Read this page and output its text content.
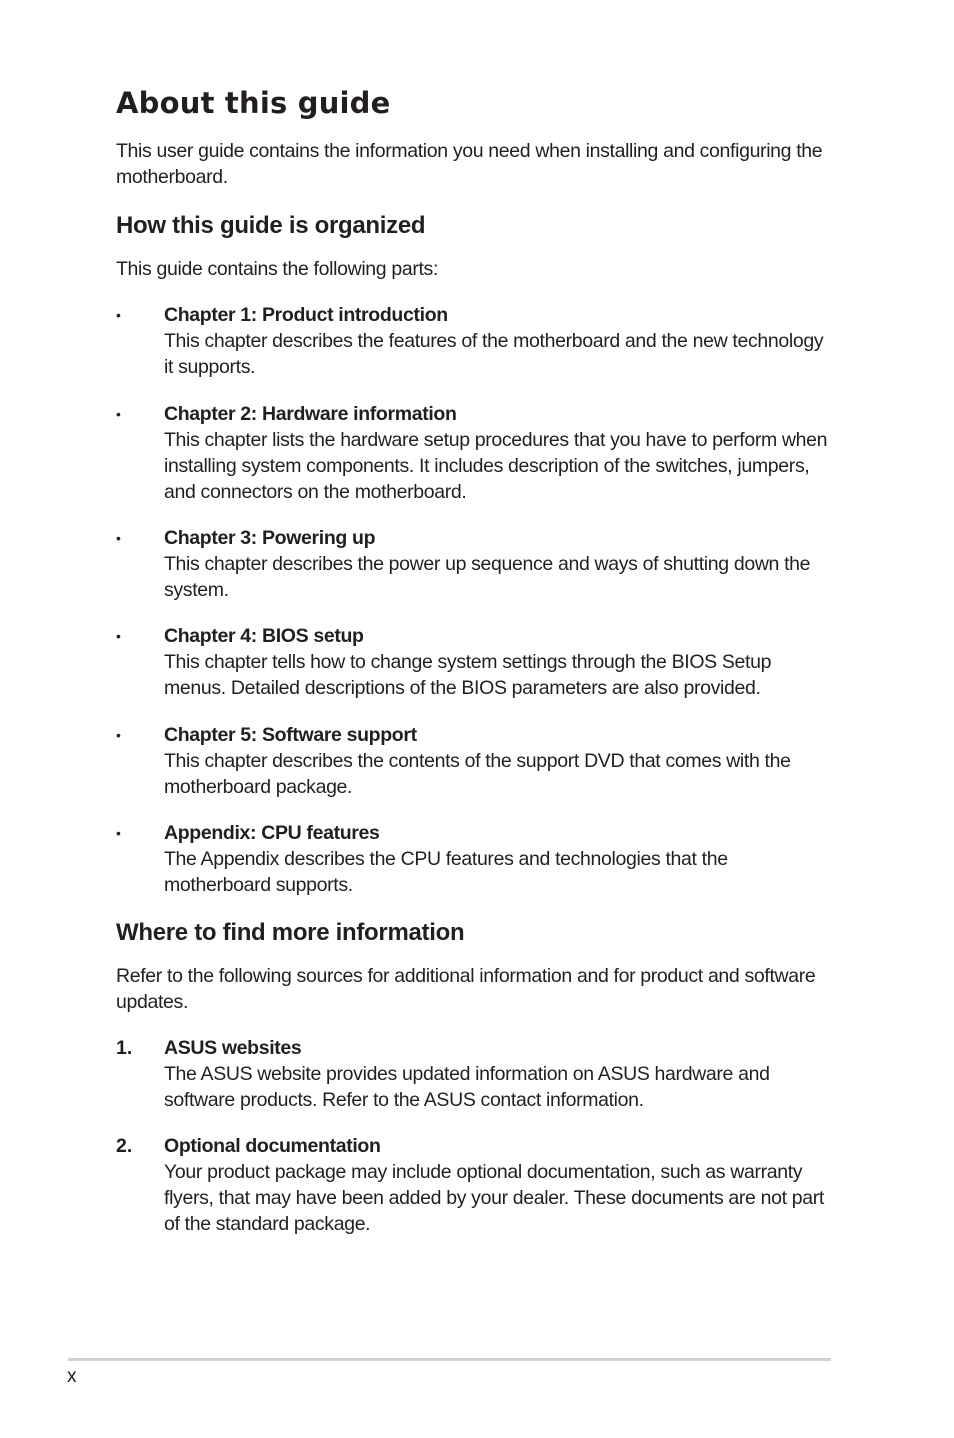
About this guide

This user guide contains the information you need when installing and configuring the motherboard.

How this guide is organized

This guide contains the following parts:

• Chapter 1: Product introduction
This chapter describes the features of the motherboard and the new technology it supports.
• Chapter 2: Hardware information
This chapter lists the hardware setup procedures that you have to perform when installing system components. It includes description of the switches, jumpers, and connectors on the motherboard.
• Chapter 3: Powering up
This chapter describes the power up sequence and ways of shutting down the system.
• Chapter 4: BIOS setup
This chapter tells how to change system settings through the BIOS Setup menus. Detailed descriptions of the BIOS parameters are also provided.
• Chapter 5: Software support
This chapter describes the contents of the support DVD that comes with the motherboard package.
• Appendix: CPU features
The Appendix describes the CPU features and technologies that the motherboard supports.
Where to find more information

Refer to the following sources for additional information and for product and software updates.

1. ASUS websites
The ASUS website provides updated information on ASUS hardware and software products. Refer to the ASUS contact information.
2. Optional documentation
Your product package may include optional documentation, such as warranty flyers, that may have been added by your dealer. These documents are not part of the standard package.
x
